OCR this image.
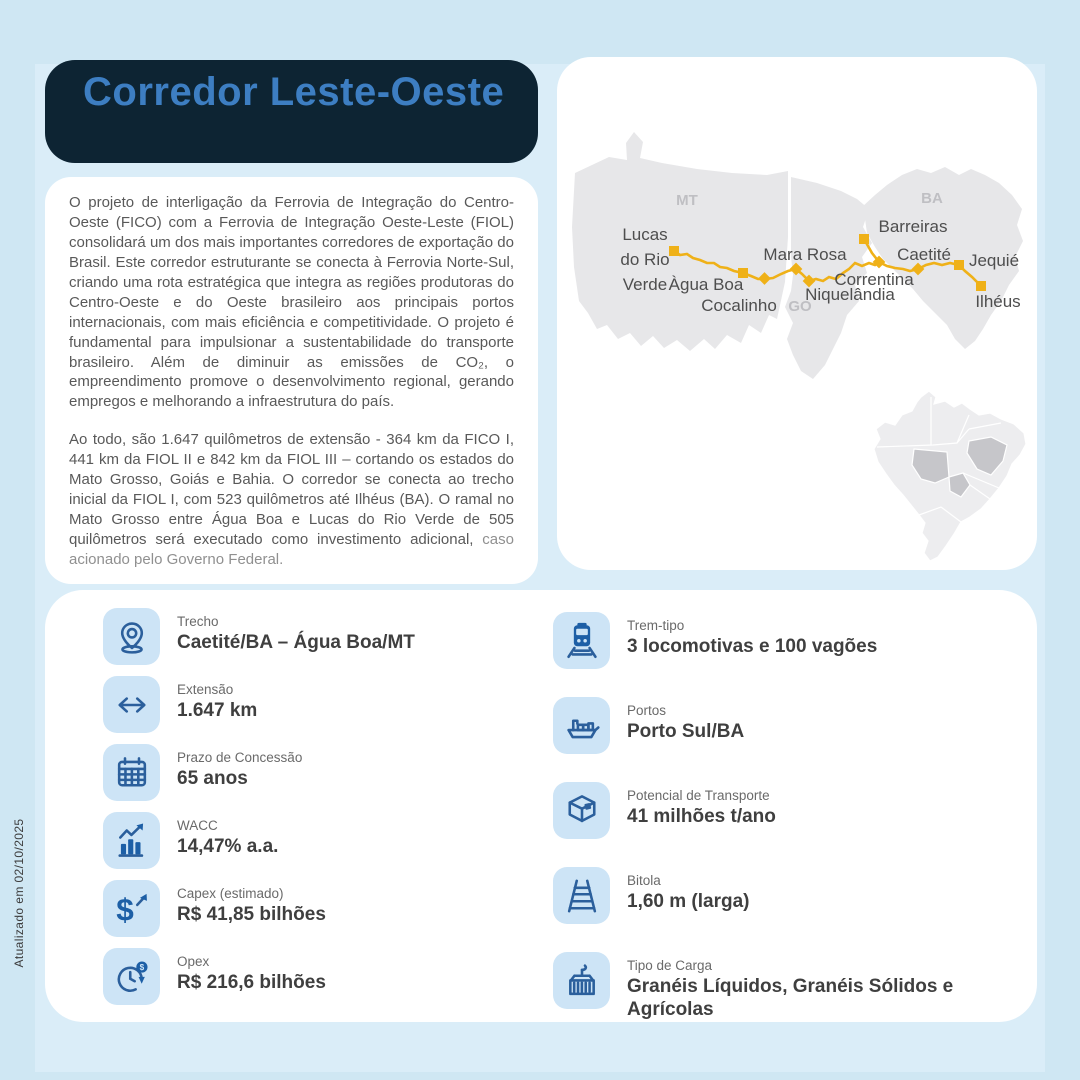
Corredor Leste-Oeste

O projeto de interligação da Ferrovia de Integração do Centro-Oeste (FICO) com a Ferrovia de Integração Oeste-Leste (FIOL) consolidará um dos mais importantes corredores de exportação do Brasil. Este corredor estruturante se conecta à Ferrovia Norte-Sul, criando uma rota estratégica que integra as regiões produtoras do Centro-Oeste e do Oeste brasileiro aos principais portos internacionais, com mais eficiência e competitividade. O projeto é fundamental para impulsionar a sustentabilidade do transporte brasileiro. Além de diminuir as emissões de CO₂, o empreendimento promove o desenvolvimento regional, gerando empregos e melhorando a infraestrutura do país.

Ao todo, são 1.647 quilômetros de extensão - 364 km da FICO I, 441 km da FIOL II e 842 km da FIOL III – cortando os estados do Mato Grosso, Goiás e Bahia. O corredor se conecta ao trecho inicial da FIOL I, com 523 quilômetros até Ilhéus (BA). O ramal no Mato Grosso entre Água Boa e Lucas do Rio Verde de 505 quilômetros será executado como investimento adicional, caso acionado pelo Governo Federal.

MT
GO
BA
Lucas
do Rio
Verde Àgua Boa
Cocalinho
Mara Rosa
Niquelândia
Correntina
Barreiras
Caetité Jequié
Ilhéus
Trecho
Caetité/BA – Água Boa/MT
Extensão
1.647 km
Prazo de Concessão
65 anos
WACC
14,47% a.a.
$	Capex (estimado)
R$ 41,85 bilhões
$ Opex
R$ 216,6 bilhões
Trem-tipo
3 locomotivas e 100 vagões
Portos
Porto Sul/BA
Potencial de Transporte
41 milhões t/ano
Bitola
1,60 m (larga)
Tipo de Carga
Granéis Líquidos, Granéis Sólidos e Agrícolas
Atualizado em 02/10/2025
